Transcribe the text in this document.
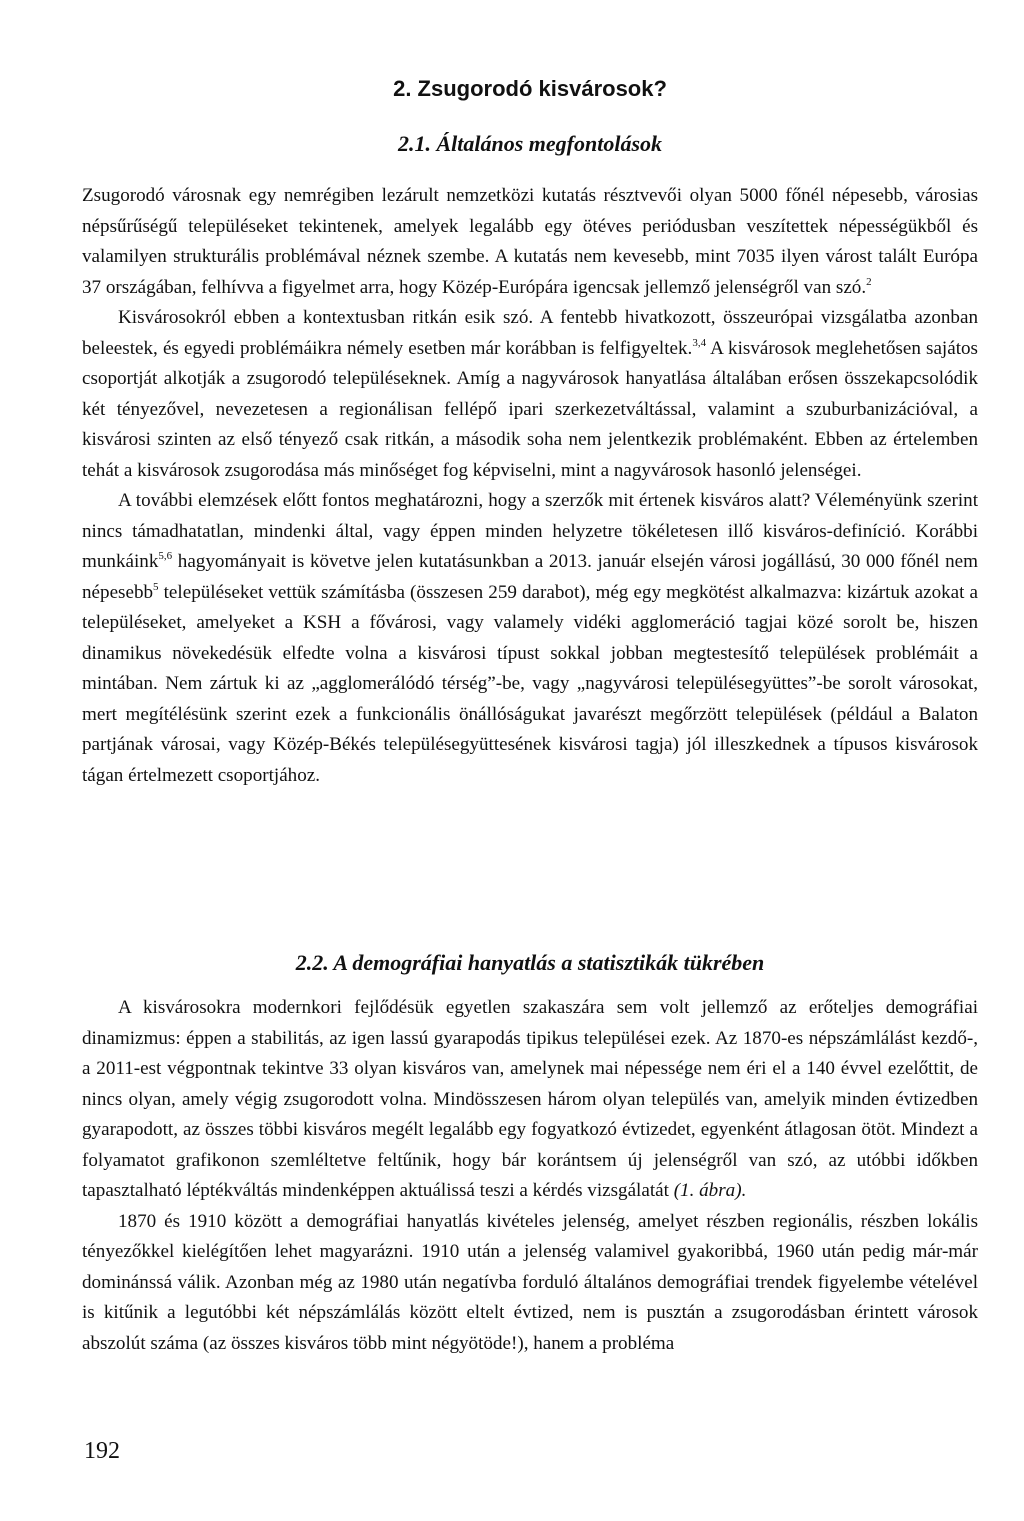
2. Zsugorodó kisvárosok?
2.1. Általános megfontolások

Zsugorodó városnak egy nemrégiben lezárult nemzetközi kutatás résztvevői olyan 5000 főnél népesebb, városias népsűrűségű településeket tekintenek, amelyek legalább egy ötéves periódusban veszítettek népességükből és valamilyen strukturális problémával néznek szembe. A kutatás nem kevesebb, mint 7035 ilyen várost talált Európa 37 országában, felhívva a figyelmet arra, hogy Közép-Európára igencsak jellemző jelenségről van szó.$^2$

Kisvárosokról ebben a kontextusban ritkán esik szó. A fentebb hivatkozott, összeurópai vizsgálatba azonban beleestek, és egyedi problémáikra némely esetben már korábban is felfigyeltek.$^{3,4}$ A kisvárosok meglehetősen sajátos csoportját alkotják a zsugorodó településeknek. Amíg a nagyvárosok hanyatlása általában erősen összekapcsolódik két tényezővel, nevezetesen a regionálisan fellépő ipari szerkezetváltással, valamint a szuburbanizációval, a kisvárosi szinten az első tényező csak ritkán, a második soha nem jelentkezik problémaként. Ebben az értelemben tehát a kisvárosok zsugorodása más minőséget fog képviselni, mint a nagyvárosok hasonló jelenségei.

A további elemzések előtt fontos meghatározni, hogy a szerzők mit értenek kisváros alatt? Véleményünk szerint nincs támadhatatlan, mindenki által, vagy éppen minden helyzetre tökéletesen illő kisváros-definíció. Korábbi munkáink$^{5,6}$ hagyományait is követve jelen kutatásunkban a 2013. január elsején városi jogállású, 30 000 főnél nem népesebb$^5$ településeket vettük számításba (összesen 259 darabot), még egy megkötést alkalmazva: kizártuk azokat a településeket, amelyeket a KSH a fővárosi, vagy valamely vidéki agglomeráció tagjai közé sorolt be, hiszen dinamikus növekedésük elfedte volna a kisvárosi típust sokkal jobban megtestesítő települések problémáit a mintában. Nem zártuk ki az „agglomerálódó térség”-be, vagy „nagyvárosi településegyüttes”-be sorolt városokat, mert megítélésünk szerint ezek a funkcionális önállóságukat javarészt megőrzött települések (például a Balaton partjának városai, vagy Közép-Békés településegyüttesének kisvárosi tagja) jól illeszkednek a típusos kisvárosok tágan értelmezett csoportjához.

2.2. A demográfiai hanyatlás a statisztikák tükrében

A kisvárosokra modernkori fejlődésük egyetlen szakaszára sem volt jellemző az erőteljes demográfiai dinamizmus: éppen a stabilitás, az igen lassú gyarapodás tipikus települései ezek. Az 1870-es népszámlálást kezdő-, a 2011-est végpontnak tekintve 33 olyan kisváros van, amelynek mai népessége nem éri el a 140 évvel ezelőttit, de nincs olyan, amely végig zsugorodott volna. Mindösszesen három olyan település van, amelyik minden évtizedben gyarapodott, az összes többi kisváros megélt legalább egy fogyatkozó évtizedet, egyenként átlagosan ötöt. Mindezt a folyamatot grafikonon szemléltetve feltűnik, hogy bár korántsem új jelenségről van szó, az utóbbi időkben tapasztalható léptékváltás mindenképpen aktuálissá teszi a kérdés vizsgálatát (1. ábra).

1870 és 1910 között a demográfiai hanyatlás kivételes jelenség, amelyet részben regionális, részben lokális tényezőkkel kielégítően lehet magyarázni. 1910 után a jelenség valamivel gyakoribbá, 1960 után pedig már-már dominánssá válik. Azonban még az 1980 után negatívba forduló általános demográfiai trendek figyelembe vételével is kitűnik a legutóbbi két népszámlálás között eltelt évtized, nem is pusztán a zsugorodásban érintett városok abszolút száma (az összes kisváros több mint négyötöde!), hanem a probléma

192
